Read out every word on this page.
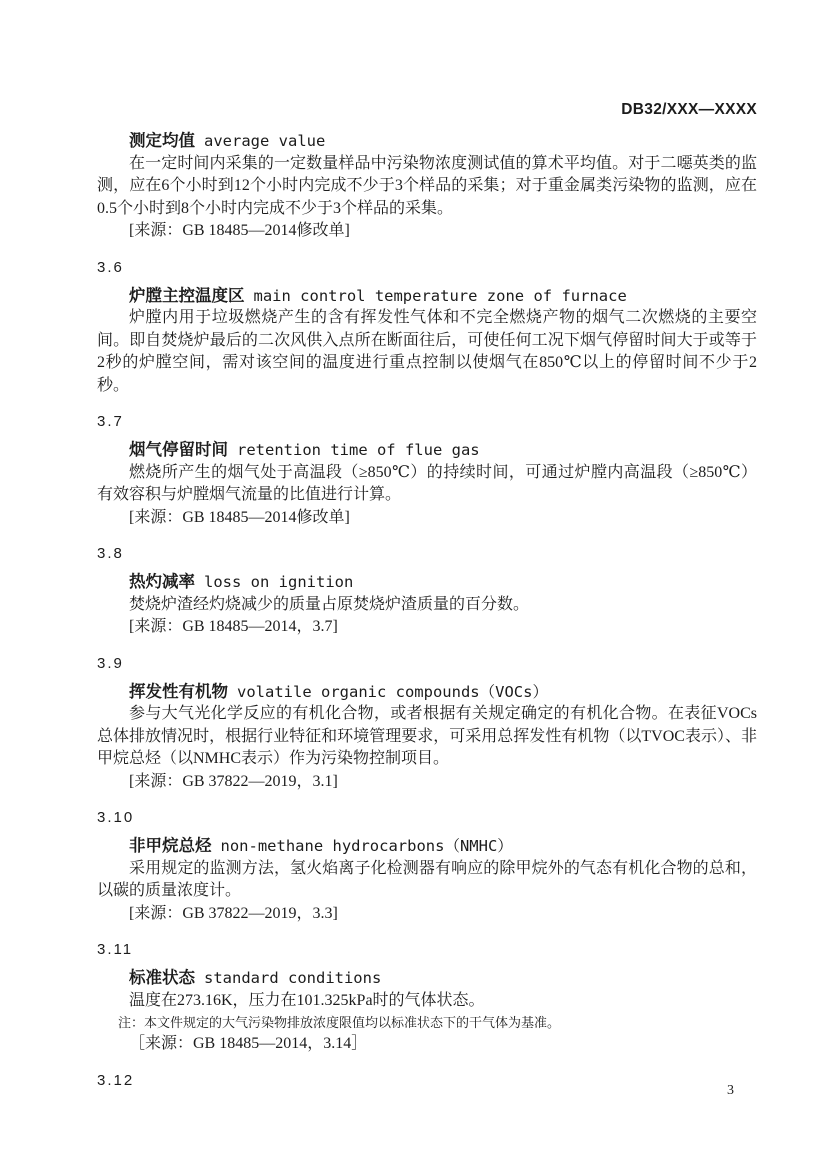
DB32/XXX—XXXX
测定均值 average value

在一定时间内采集的一定数量样品中污染物浓度测试值的算术平均值。对于二噁英类的监测，应在6个小时到12个小时内完成不少于3个样品的采集；对于重金属类污染物的监测，应在0.5个小时到8个小时内完成不少于3个样品的采集。

[来源：GB 18485—2014修改单]

3.6
炉膛主控温度区 main control temperature zone of furnace

炉膛内用于垃圾燃烧产生的含有挥发性气体和不完全燃烧产物的烟气二次燃烧的主要空间。即自焚烧炉最后的二次风供入点所在断面往后，可使任何工况下烟气停留时间大于或等于2秒的炉膛空间，需对该空间的温度进行重点控制以使烟气在850℃以上的停留时间不少于2秒。

3.7
烟气停留时间 retention time of flue gas

燃烧所产生的烟气处于高温段（≥850℃）的持续时间，可通过炉膛内高温段（≥850℃）有效容积与炉膛烟气流量的比值进行计算。

[来源：GB 18485—2014修改单]

3.8
热灼减率 loss on ignition

焚烧炉渣经灼烧减少的质量占原焚烧炉渣质量的百分数。

[来源：GB 18485—2014，3.7]

3.9
挥发性有机物 volatile organic compounds（VOCs）

参与大气光化学反应的有机化合物，或者根据有关规定确定的有机化合物。在表征VOCs总体排放情况时，根据行业特征和环境管理要求，可采用总挥发性有机物（以TVOC表示）、非甲烷总烃（以NMHC表示）作为污染物控制项目。

[来源：GB 37822—2019，3.1]

3.10
非甲烷总烃 non-methane hydrocarbons（NMHC）

采用规定的监测方法，氢火焰离子化检测器有响应的除甲烷外的气态有机化合物的总和，以碳的质量浓度计。

[来源：GB 37822—2019，3.3]

3.11
标准状态 standard conditions

温度在273.16K，压力在101.325kPa时的气体状态。

注：本文件规定的大气污染物排放浓度限值均以标准状态下的干气体为基准。

［来源：GB 18485—2014，3.14］

3.12
3
